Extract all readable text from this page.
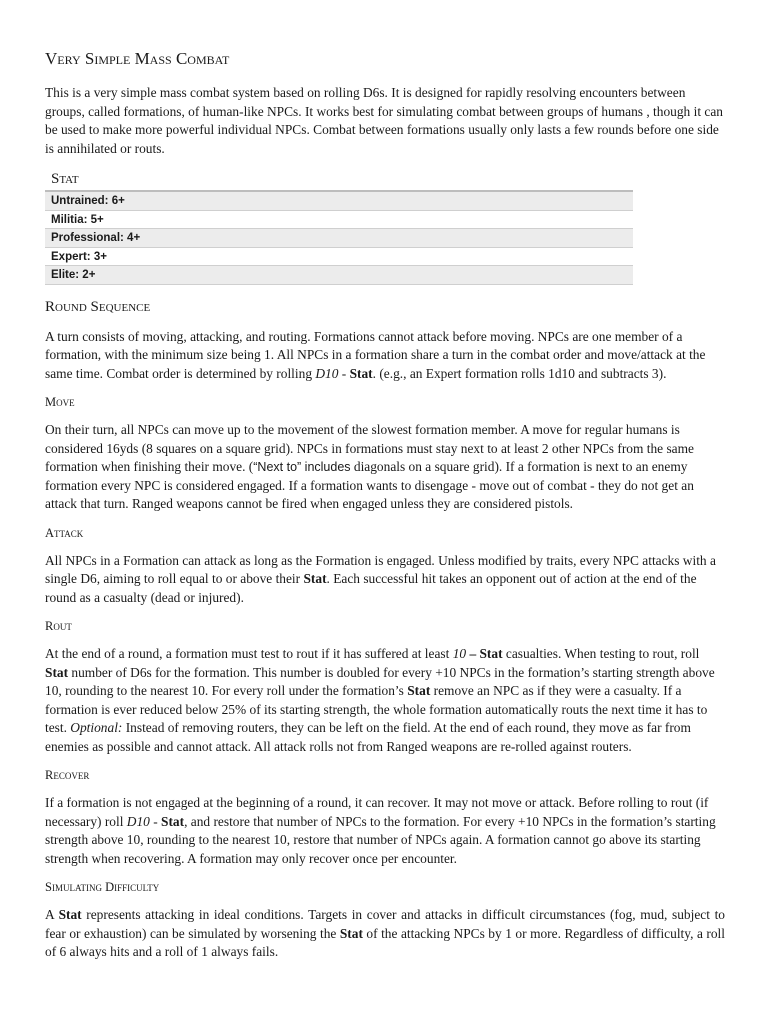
Very Simple Mass Combat

This is a very simple mass combat system based on rolling D6s. It is designed for rapidly resolving encounters between groups, called formations, of human-like NPCs. It works best for simulating combat between groups of humans , though it can be used to make more powerful individual NPCs. Combat between formations usually only lasts a few rounds before one side is annihilated or routs.

Stat
Untrained: 6+
Militia: 5+
Professional: 4+
Expert: 3+
Elite: 2+
Round Sequence

A turn consists of moving, attacking, and routing. Formations cannot attack before moving. NPCs are one member of a formation, with the minimum size being 1. All NPCs in a formation share a turn in the combat order and move/attack at the same time. Combat order is determined by rolling D10 - Stat. (e.g., an Expert formation rolls 1d10 and subtracts 3).

Move

On their turn, all NPCs can move up to the movement of the slowest formation member. A move for regular humans is considered 16yds (8 squares on a square grid). NPCs in formations must stay next to at least 2 other NPCs from the same formation when finishing their move. (“Next to” includes diagonals on a square grid). If a formation is next to an enemy formation every NPC is considered engaged. If a formation wants to disengage - move out of combat - they do not get an attack that turn. Ranged weapons cannot be fired when engaged unless they are considered pistols.

Attack

All NPCs in a Formation can attack as long as the Formation is engaged. Unless modified by traits, every NPC attacks with a single D6, aiming to roll equal to or above their Stat. Each successful hit takes an opponent out of action at the end of the round as a casualty (dead or injured).

Rout

At the end of a round, a formation must test to rout if it has suffered at least 10 – Stat casualties. When testing to rout, roll Stat number of D6s for the formation. This number is doubled for every +10 NPCs in the formation’s starting strength above 10, rounding to the nearest 10. For every roll under the formation’s Stat remove an NPC as if they were a casualty. If a formation is ever reduced below 25% of its starting strength, the whole formation automatically routs the next time it has to test. Optional: Instead of removing routers, they can be left on the field. At the end of each round, they move as far from enemies as possible and cannot attack. All attack rolls not from Ranged weapons are re-rolled against routers.

Recover

If a formation is not engaged at the beginning of a round, it can recover. It may not move or attack. Before rolling to rout (if necessary) roll D10 - Stat, and restore that number of NPCs to the formation. For every +10 NPCs in the formation’s starting strength above 10, rounding to the nearest 10, restore that number of NPCs again. A formation cannot go above its starting strength when recovering. A formation may only recover once per encounter.

Simulating Difficulty

A Stat represents attacking in ideal conditions. Targets in cover and attacks in difficult circumstances (fog, mud, subject to fear or exhaustion) can be simulated by worsening the Stat of the attacking NPCs by 1 or more. Regardless of difficulty, a roll of 6 always hits and a roll of 1 always fails.
